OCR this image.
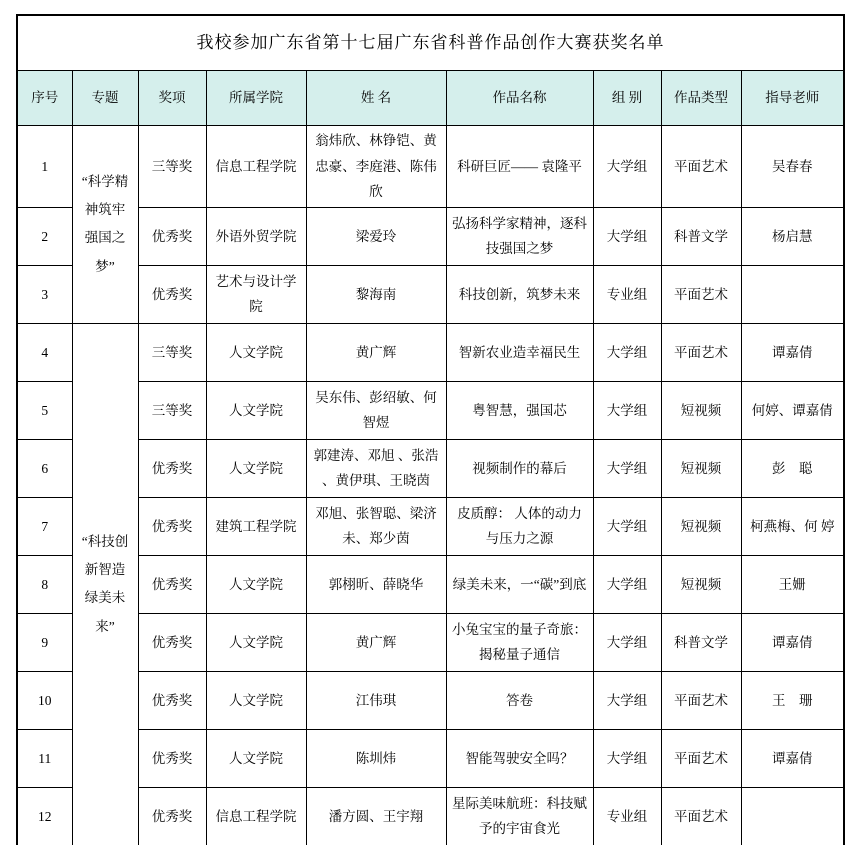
我校参加广东省第十七届广东省科普作品创作大赛获奖名单								
序号	专题	奖项	所属学院	姓 名	作品名称	组 别	作品类型	指导老师
1	“科学精神筑牢强国之梦”	三等奖	信息工程学院	翁炜欣、林铮铠、黄忠豪、李庭港、陈伟欣	科研巨匠—— 袁隆平	大学组	平面艺术	吴春春
2		优秀奖	外语外贸学院	梁爱玲	弘扬科学家精神，逐科技强国之梦	大学组	科普文学	杨启慧
3		优秀奖	艺术与设计学院	黎海南	科技创新，筑梦未来	专业组	平面艺术	
4	“科技创新智造绿美未来”	三等奖	人文学院	黄广辉	智新农业造幸福民生	大学组	平面艺术	谭嘉倩
5		三等奖	人文学院	吴东伟、彭绍敏、何智煜	粤智慧，强国芯	大学组	短视频	何婷、谭嘉倩
6		优秀奖	人文学院	郭建涛、邓旭 、张浩 、黄伊琪、王晓茵	视频制作的幕后	大学组	短视频	彭　聪
7		优秀奖	建筑工程学院	邓旭、张智聪、梁济未、郑少茵	皮质醇： 人体的动力与压力之源	大学组	短视频	柯燕梅、何 婷
8		优秀奖	人文学院	郭栩昕、薛晓华	绿美未来，一“碳”到底	大学组	短视频	王姗
9		优秀奖	人文学院	黄广辉	小兔宝宝的量子奇旅：揭秘量子通信	大学组	科普文学	谭嘉倩
10		优秀奖	人文学院	江伟琪	答卷	大学组	平面艺术	王　珊
11		优秀奖	人文学院	陈圳炜	智能驾驶安全吗？	大学组	平面艺术	谭嘉倩
12		优秀奖	信息工程学院	潘方圆、王宇翔	星际美味航班：科技赋予的宇宙食光	专业组	平面艺术	
